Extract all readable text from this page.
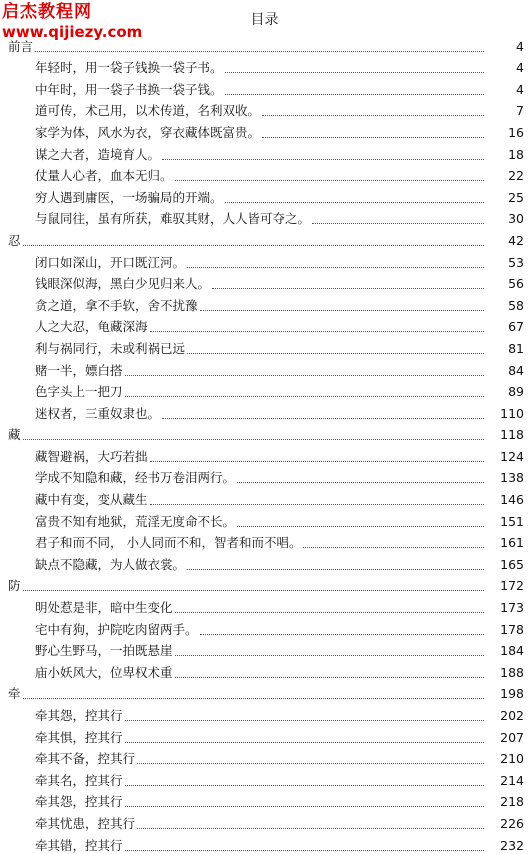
启杰教程网
www.qijiezy.com
目录
前言	4
年轻时，用一袋子钱换一袋子书。	4
中年时，用一袋子书换一袋子钱。	4
道可传，术己用，以术传道，名利双收。	7
家学为体，风水为衣，穿衣藏体既富贵。	16
谋之大者，造境育人。	18
仗量人心者，血本无归。	22
穷人遇到庸医，一场骗局的开端。	25
与鼠同往，虽有所获，难驭其财，人人皆可夺之。	30
忍	42
闭口如深山，开口既江河。	53
钱眼深似海，黑白少见归来人。	56
贪之道，拿不手软，舍不扰豫	58
人之大忍，龟藏深海	67
利与祸同行，未或利祸已远	81
赌一半，嫖白搭	84
色字头上一把刀	89
迷权者，三重奴隶也。	110
藏	118
藏智避祸，大巧若拙	124
学成不知隐和藏，经书万卷泪两行。	138
藏中有变，变从藏生	146
富贵不知有地狱，荒淫无度命不长。	151
君子和而不同， 小人同而不和，智者和而不唱。	161
缺点不隐藏，为人做衣裳。	165
防	172
明处惹是非，暗中生变化	173
宅中有狗，护院吃肉留两手。	178
野心生野马，一拍既悬崖	184
庙小妖风大，位卑权术重	188
牵	198
牵其怨，控其行	202
牵其惧，控其行	207
牵其不备，控其行	210
牵其名，控其行	214
牵其怨，控其行	218
牵其忧患，控其行	226
牵其错，控其行	232
